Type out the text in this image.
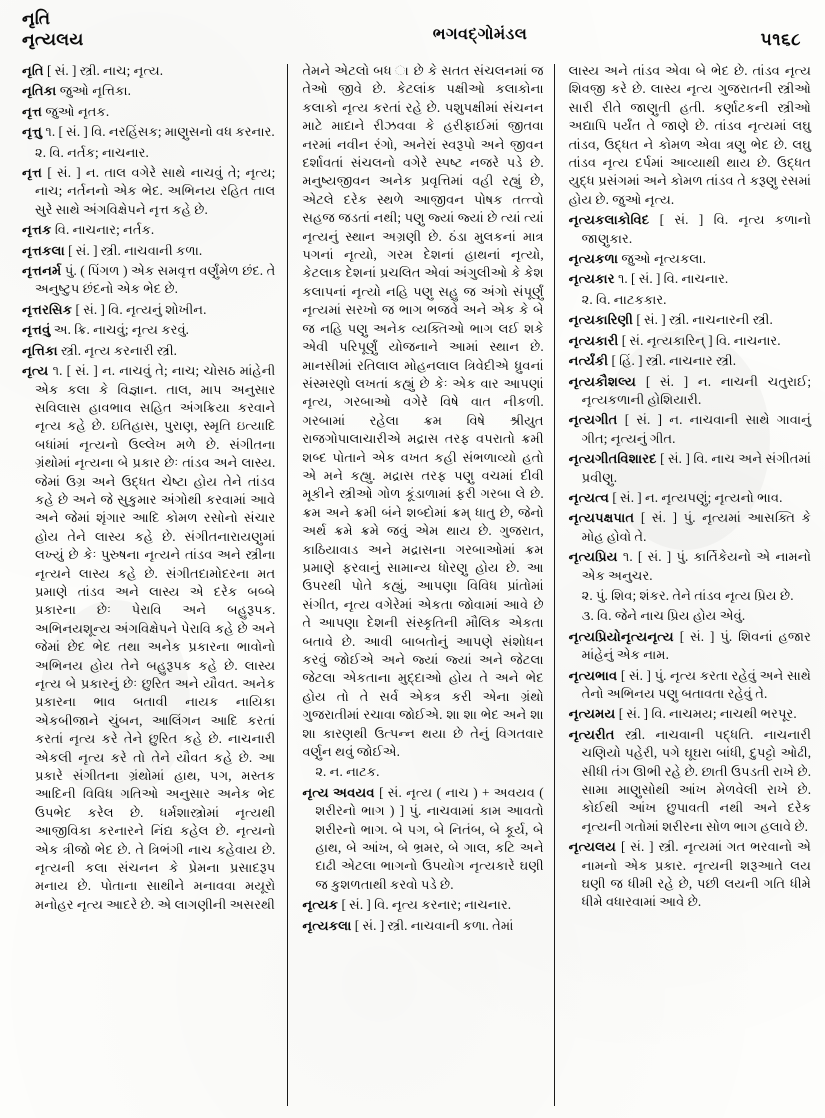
નૃતિ
નૃત્યલય	ભગવદ્ગોમંડલ	૫૧૬૮

નૃતિ [ સં. ] સ્ત્રી. નાચ; નૃત્ય.

નૃતિકા જુઓ નૃત્તિકા.

નૃત્ત જુઓ નૃતક.

નૃત્તુ ૧. [ સં. ] વિ. નરહિંસક; માણુસનો વધ કરનાર.

૨. વિ. નર્તક; નાચનાર.

નૃત્ત [ સં. ] ન. તાલ વગેરે સાથે નાચવું તે; નૃત્ય; નાચ; નર્તનનો એક ભેદ. અભિનય રહિત તાલ સુરે સાથે અંગવિક્ષેપને નૃત્ત કહે છે.

નૃત્તક વિ. નાચનાર; નર્તક.

નૃત્તકલા [ સં. ] સ્ત્રી. નાચવાની કળા.

નૃત્તનર્મ પું. ( પિંગળ ) એક સમવૃત્ત વર્ણુંમેળ છંદ. તે અનુષ્ટુપ છંદનો એક ભેદ છે.

નૃત્તરસિક [ સં. ] વિ. નૃત્યનું શોખીન.

નૃત્તવું અ. ક્રિ. નાચવું; નૃત્ય કરવું.

નૃત્તિકા સ્ત્રી. નૃત્ય કરનારી સ્ત્રી.

નૃત્ય ૧. [ સં. ] ન. નાચવું તે; નાચ; ચોસઠ માંહેની એક કલા કે વિજ્ઞાન. તાલ, માપ અનુસાર સવિલાસ હાવભાવ સહિત અંગક્રિયા કરવાને નૃત્ય કહે છે. ઇતિહાસ, પુરાણ, સ્મૃતિ ઇત્યાદિ બધાંમાં નૃત્યનો ઉલ્લેખ મળે છે. સંગીતના ગ્રંથોમાં નૃત્યના બે પ્રકાર છેઃ તાંડવ અને લાસ્ય. જેમાં ઉગ્ર અને ઉદ્ધત ચેષ્ટા હોય તેને તાંડવ કહે છે અને જે સુકુમાર અંગોથી કરવામાં આવે અને જેમાં શૃંગાર આદિ કોમળ રસોનો સંચાર હોય તેને લાસ્ય કહે છે. સંગીતનારાયણુમાં લખ્યું છે કેઃ પુરુષના નૃત્યને તાંડવ અને સ્ત્રીના નૃત્યને લાસ્ય કહે છે. સંગીતદામોદરના મત પ્રમાણે તાંડવ અને લાસ્ય એ દરેક બબ્બે પ્રકારના છેઃ પેરાવિ અને બહુરૂપક. અભિનયશૂન્ય અંગવિક્ષેપને પેરાવિ કહે છે અને જેમાં છેદ ભેદ તથા અનેક પ્રકારના ભાવોનો અભિનય હોય તેને બહુરૂપક કહે છે. લાસ્ય નૃત્ય બે પ્રકારનું છેઃ છુરિત અને યૌવત. અનેક પ્રકારના ભાવ બતાવી નાયક નાયિકા એકબીજાને ચુંબન, આલિંગન આદિ કરતાં કરતાં નૃત્ય કરે તેને છુરિત કહે છે. નાચનારી એકલી નૃત્ય કરે તો તેને યૌવત કહે છે. આ પ્રકારે સંગીતના ગ્રંથોમાં હાથ, પગ, મસ્તક આદિની વિવિધ ગતિઓ અનુસાર અનેક ભેદ ઉપભેદ કરેલ છે. ધર્મશાસ્ત્રોમાં નૃત્યથી આજીવિકા કરનારને નિંદ્ય કહેલ છે. નૃત્યનો એક ત્રીજો ભેદ છે. તે ત્રિભંગી નાચ કહેવાય છે. નૃત્યની કલા સંચનન કે પ્રેમના પ્રસાદરૂપ મનાય છે. પોતાના સાથીને મનાવવા મયૂરો મનોહર નૃત્ય આદરે છે. એ લાગણીની અસરથી

તેમને એટલો બધ ા છે કે સતત સંચલનમાં જ તેઓ જીવે છે. કેટલાંક પક્ષીઓ કલાકોના કલાકો નૃત્ય કરતાં રહે છે. પશુપક્ષીમાં સંચનન માટે માદાને રીઝવવા કે હરીફાઈમાં જીતવા નરમાં નવીન રંગો, અનેરાં સ્વરૂપો અને જીવન દર્શાવતાં સંચલનો વગેરે સ્પષ્ટ નજરે પડે છે. મનુષ્યજીવન અનેક પ્રવૃત્તિમાં વહી રહ્યું છે, એટલે દરેક સ્થળે આજીવન પોષક તત્ત્વો સહજ જડતાં નથી; પણુ જ્યાં જ્યાં છે ત્યાં ત્યાં નૃત્યનું સ્થાન અગ્રણી છે. ઠંડા મુલકનાં માત્ર પગનાં નૃત્યો, ગરમ દેશનાં હાથનાં નૃત્યો, કેટલાક દેશનાં પ્રચલિત એવાં અંગુલીઓ કે કેશ કલાપનાં નૃત્યો નહિ પણુ સહુ જ અંગો સંપૂર્ણું નૃત્યમાં સરખો જ ભાગ ભજવે અને એક કે બે જ નહિ પણુ અનેક વ્યક્તિઓ ભાગ લઈ શકે એવી પરિપૂર્ણું યોજનાને આમાં સ્થાન છે. માનસીમાં રતિલાલ મોહનલાલ ત્રિવેદીએ ધ્રુવનાં સંસ્મરણો લખતાં કહ્યું છે કેઃ એક વાર આપણાં નૃત્ય, ગરબાઓ વગેરે વિષે વાત નીકળી. ગરબામાં રહેલા ક્રમ વિષે શ્રીયુત રાજગોપાલાચારીએ મદ્રાસ તરફ વપરાતો ક્રમી શબ્દ પોતાને એક વખત કહી સંભળાવ્યો હતો એ મને કહ્યુ. મદ્રાસ તરફ પણુ વચમાં દીવી મૂકીને સ્ત્રીઓ ગોળ કૂંડાળામાં ફરી ગરબા લે છે. ક્રમ અને ક્રમી બંને શબ્દોમાં ક્રમ્ ધાતુ છે, જેનો અર્થ ક્રમે ક્રમે જવું એમ થાય છે. ગુજરાત, કાઠિયાવાડ અને મદ્રાસના ગરબાઓમાં ક્રમ પ્રમાણે ફરવાનું સામાન્ય ધોરણુ હોય છે. આ ઉપરથી પોતે કહ્યું, આપણા વિવિધ પ્રાંતોમાં સંગીત, નૃત્ય વગેરેમાં એકતા જોવામાં આવે છે તે આપણા દેશની સંસ્કૃતિની મૌલિક એકતા બતાવે છે. આવી બાબતોનું આપણે સંશોધન કરવું જોઈએ અને જ્યાં જ્યાં અને જેટલા જેટલા એકતાના મુદ્દાઓ હોય તે અને ભેદ હોય તો તે સર્વ એકત્ર કરી એના ગ્રંથો ગુજરાતીમાં રચાવા જોઈએ. શા શા ભેદ અને શા શા કારણથી ઉત્પન્ન થયા છે તેનું વિગતવાર વર્ણુન થવું જોઈએ.

૨. ન. નાટક.

નૃત્ય અવયવ [ સં. નૃત્ય ( નાચ ) + અવયવ ( શરીરનો ભાગ ) ] પું. નાચવામાં કામ આવતો શરીરનો ભાગ. બે પગ, બે નિતંબ, બે કૂર્ય, બે હાથ, બે આંખ, બે ભ્રમર, બે ગાલ, કટિ અને દાઢી એટલા ભાગનો ઉપયોગ નૃત્યકારે ઘણી જ કુશળતાથી કરવો પડે છે.

નૃત્યક [ સં. ] વિ. નૃત્ય કરનાર; નાચનાર.

નૃત્યકલા [ સં. ] સ્ત્રી. નાચવાની કળા. તેમાં

લાસ્ય અને તાંડવ એવા બે ભેદ છે. તાંડવ નૃત્ય શિવજી કરે છે. લાસ્ય નૃત્ય ગુજરાતની સ્ત્રીઓ સારી રીતે જાણુતી હતી. કર્ણાટકની સ્ત્રીઓ અદ્યાપિ પર્યંત તે જાણે છે. તાંડવ નૃત્યમાં લઘુ તાંડવ, ઉદ્ધત ને કોમળ એવા ત્રણુ ભેદ છે. લઘુ તાંડવ નૃત્ય દર્પમાં આવ્યાથી થાય છે. ઉદ્ધત યુદ્ધ પ્રસંગમાં અને કોમળ તાંડવ તે કરૂણુ રસમાં હોય છે. જુઓ નૃત્ય.

નૃત્યકલાકોવિદ [ સં. ] વિ. નૃત્ય કળાનો જાણુકાર.

નૃત્યકળા જુઓ નૃત્યકલા.

નૃત્યકાર ૧. [ સં. ] વિ. નાચનાર.

૨. વિ. નાટકકાર.

નૃત્યકારિણી [ સં. ] સ્ત્રી. નાચનારની સ્ત્રી.

નૃત્યકારી [ સં. નૃત્યકારિન્ ] વિ. નાચનાર.

નર્ત્યંકી [ હિં. ] સ્ત્રી. નાચનાર સ્ત્રી.

નૃત્યકૌશલ્ય [ સં. ] ન. નાચની ચતુરાઈ; નૃત્યકળાની હોશિયારી.

નૃત્યગીત [ સં. ] ન. નાચવાની સાથે ગાવાનું ગીત; નૃત્યનું ગીત.

નૃત્યગીતવિશારદ [ સં. ] વિ. નાચ અને સંગીતમાં પ્રવીણુ.

નૃત્યત્વ [ સં. ] ન. નૃત્યપણું; નૃત્યનો ભાવ.

નૃત્યપક્ષપાત [ સં. ] પું. નૃત્યમાં આસક્તિ કે મોહ હોવો તે.

નૃત્યપ્રિય ૧. [ સં. ] પું. કાર્તિકેયનો એ નામનો એક અનુચર.

૨. પું. શિવ; શંકર. તેને તાંડવ નૃત્ય પ્રિય છે.

૩. વિ. જેને નાચ પ્રિય હોય એવું.

નૃત્યપ્રિયોનૃત્યનૃત્ય [ સં. ] પું. શિવનાં હજાર માંહેનું એક નામ.

નૃત્યભાવ [ સં. ] પું. નૃત્ય કરતા રહેવું અને સાથે તેનો અભિનય પણુ બતાવતા રહેવું તે.

નૃત્યમય [ સં. ] વિ. નાચમય; નાચથી ભરપૂર.

નૃત્યરીત સ્ત્રી. નાચવાની પદ્ધતિ. નાચનારી ચણિયો પહેરી, પગે ઘૂઘરા બાંધી, દુપટ્ટો ઓઢી, સીધી તંગ ઊભી રહે છે. છાતી ઉપડતી રાખે છે. સામા માણુસોથી આંખ મેળવેલી રાખે છે. કોઈથી આંખ છુપાવતી નથી અને દરેક નૃત્યની ગતોમાં શરીરના સોળ ભાગ હલાવે છે.

નૃત્યલય [ સં. ] સ્ત્રી. નૃત્યમાં ગત ભરવાનો એ નામનો એક પ્રકાર. નૃત્યની શરૂઆતે લય ઘણી જ ધીમી રહે છે, પછી લયની ગતિ ધીમે ધીમે વધારવામાં આવે છે.
